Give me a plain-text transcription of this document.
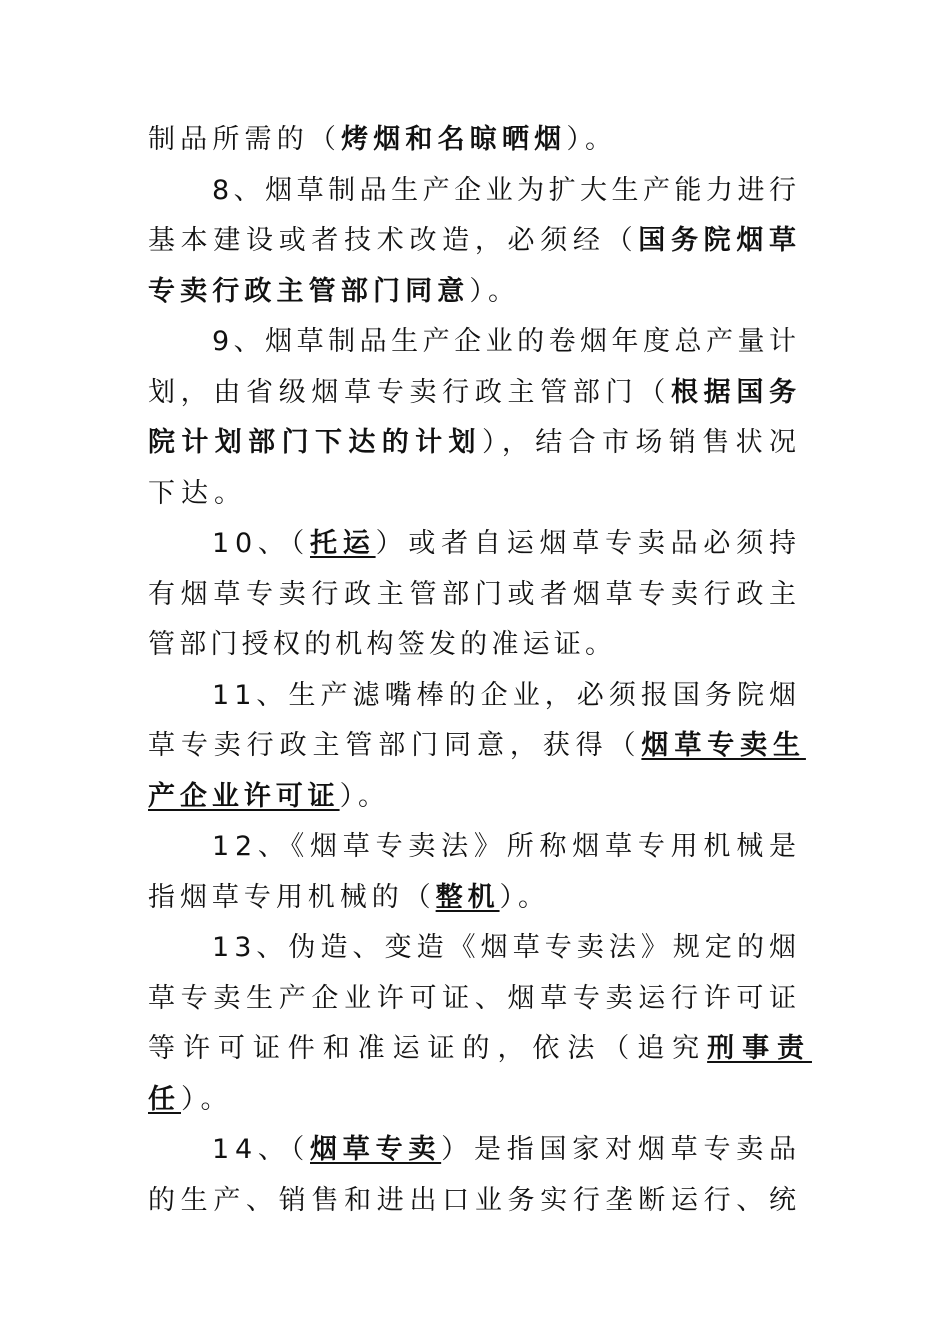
制品所需的（烤烟和名晾晒烟）。
8、烟草制品生产企业为扩大生产能力进行
基本建设或者技术改造，必须经（国务院烟草
专卖行政主管部门同意）。
9、烟草制品生产企业的卷烟年度总产量计
划，由省级烟草专卖行政主管部门（根据国务
院计划部门下达的计划），结合市场销售状况
下达。
10、（托运）或者自运烟草专卖品必须持
有烟草专卖行政主管部门或者烟草专卖行政主
管部门授权的机构签发的准运证。
11、生产滤嘴棒的企业，必须报国务院烟
草专卖行政主管部门同意，获得（烟草专卖生
产企业许可证）。
12、《烟草专卖法》所称烟草专用机械是
指烟草专用机械的（整机）。
13、伪造、变造《烟草专卖法》规定的烟
草专卖生产企业许可证、烟草专卖运行许可证
等许可证件和准运证的，依法（追究刑事责
任）。
14、（烟草专卖）是指国家对烟草专卖品
的生产、销售和进出口业务实行垄断运行、统
